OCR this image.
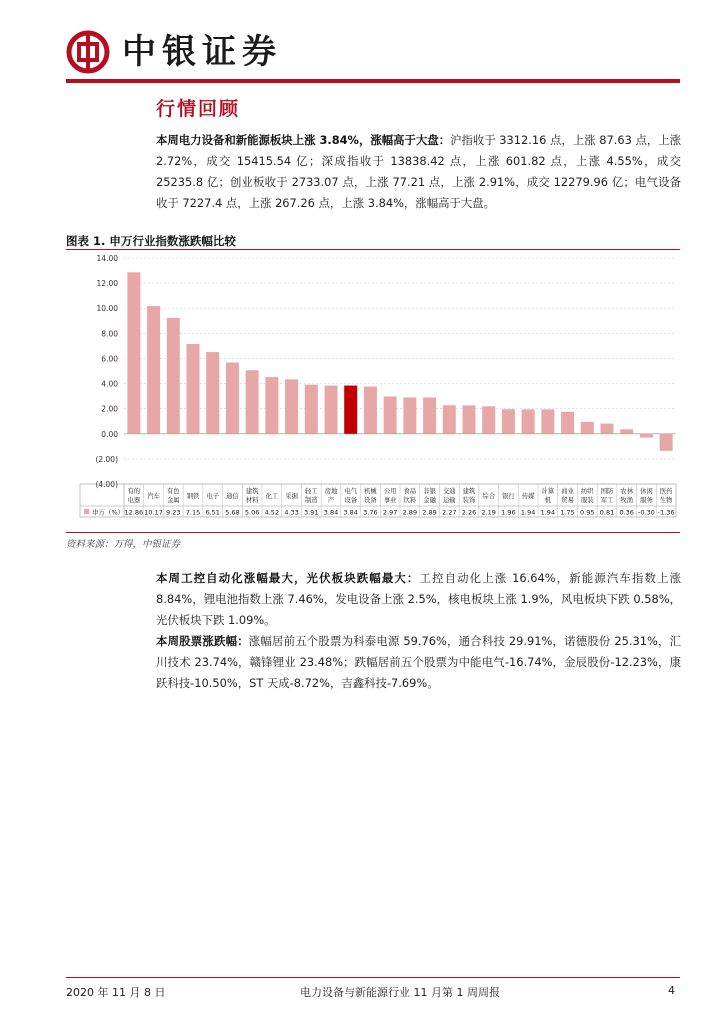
中银证券
行情回顾
本周电力设备和新能源板块上涨 3.84%，涨幅高于大盘：沪指收于 3312.16 点，上涨 87.63 点，上涨 2.72%，成交 15415.54 亿；深成指收于 13838.42 点，上涨 601.82 点，上涨 4.55%，成交 25235.8 亿；创业板收于 2733.07 点，上涨 77.21 点，上涨 2.91%，成交 12279.96 亿；电气设备收于 7227.4 点，上涨 267.26 点，上涨 3.84%，涨幅高于大盘。
图表 1. 申万行业指数涨跌幅比较
14.00
12.00
10.00
8.00
6.00
4.00
2.00
0.00
(2.00)
(4.00)
申万（%）
有的
电器
12.86
汽车
10.17
有色
金属
9.23
钢铁
7.15
电子
6.51
通信
5.68
建筑
材料
5.06
化工
4.52
采掘
4.33
轻工
制造
3.91
房地
产
3.84
电气
设备
3.84
机械
设备
3.76
公用
事业
2.97
食品
饮料
2.89
非银
金融
2.89
交通
运输
2.27
建筑
装饰
2.26
综合
2.19
银行
1.96
传媒
1.94
计算
机
1.94
商业
贸易
1.75
纺织
服装
0.95
国防
军工
0.81
农林
牧渔
0.36
休闲
服务
-0.30
医药
生物
-1.36
资料来源：万得，中银证券
本周工控自动化涨幅最大，光伏板块跌幅最大：工控自动化上涨 16.64%，新能源汽车指数上涨 8.84%，锂电池指数上涨 7.46%，发电设备上涨 2.5%，核电板块上涨 1.9%，风电板块下跌 0.58%，光伏板块下跌 1.09%。
本周股票涨跌幅：涨幅居前五个股票为科泰电源 59.76%，通合科技 29.91%，诺德股份 25.31%，汇川技术 23.74%，赣锋锂业 23.48%；跌幅居前五个股票为中能电气-16.74%，金辰股份-12.23%，康跃科技-10.50%，ST 天成-8.72%，吉鑫科技-7.69%。
2020 年 11 月 8 日	电力设备与新能源行业 11 月第 1 周周报	4
